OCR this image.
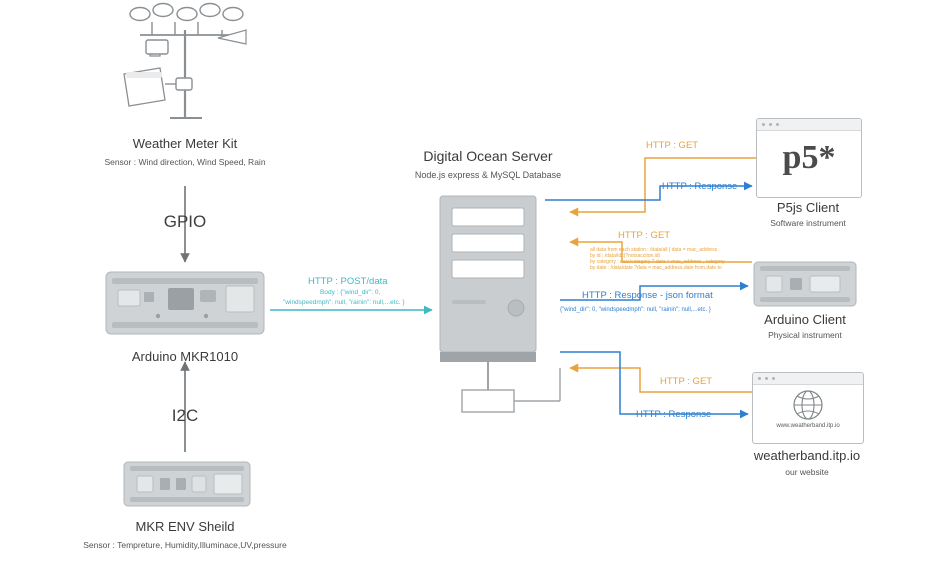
p5*
www.weatherband.itp.io
Weather Meter Kit
Sensor : Wind direction, Wind Speed, Rain
GPIO
Arduino MKR1010
I2C
MKR ENV Sheild
Sensor : Tempreture, Humidity,Illuminace,UV,pressure
HTTP : POST/data
Body : {"wind_dir": 0,
"windspeedmph": null, "rainin": null,...etc. }
Digital Ocean Server
Node.js express & MySQL Database
HTTP : GET
HTTP : Response
P5js Client
Software instrument
HTTP : GET
all data from each station : /data/all | data = mac_address
by id : /data/id/:|?notsacction.id|
by category : data/category ? data = mac_address , category
by date : /data/date ?data = mac_address,date from,date to
HTTP : Response - json format
{"wind_dir": 0, "windspeedmph": null, "rainin": null,...etc. }
Arduino Client
Physical instrument
HTTP : GET
HTTP : Response
weatherband.itp.io
our website
